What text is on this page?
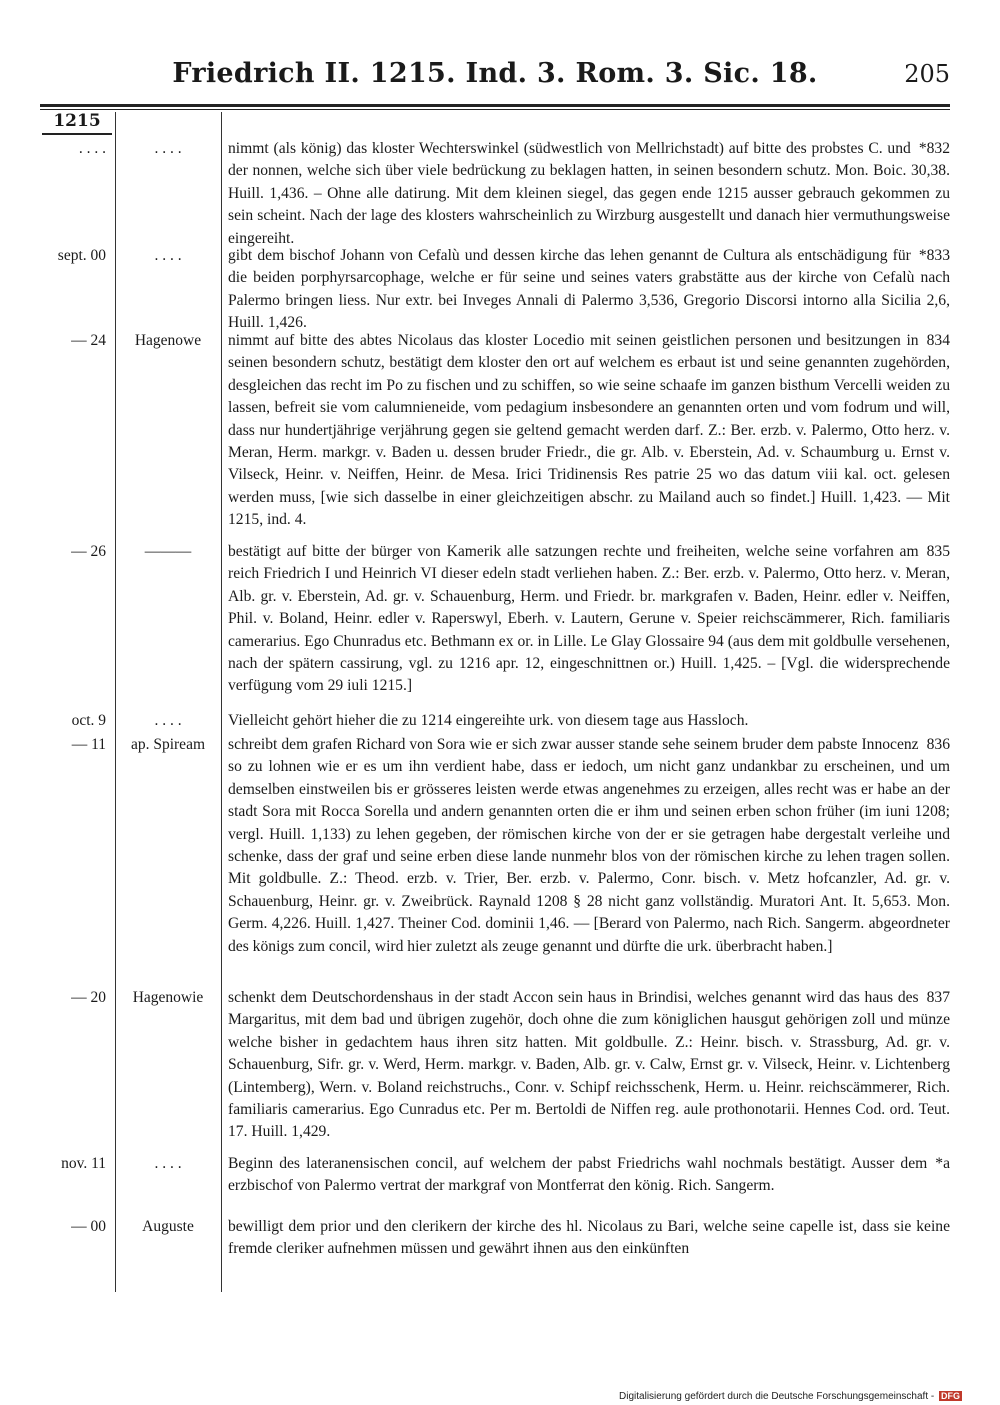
Friedrich II. 1215. Ind. 3. Rom. 3. Sic. 18.	205
1215
. . . .	. . . .	*832
nimmt (als könig) das kloster Wechterswinkel (südwestlich von Mellrichstadt) auf bitte des probstes C. und der nonnen, welche sich über viele bedrückung zu beklagen hatten, in seinen besondern schutz. Mon. Boic. 30,38. Huill. 1,436. – Ohne alle datirung. Mit dem kleinen siegel, das gegen ende 1215 ausser gebrauch gekommen zu sein scheint. Nach der lage des klosters wahrscheinlich zu Wirzburg ausgestellt und danach hier vermuthungsweise eingereiht.

sept. 00	. . . .	*833
gibt dem bischof Johann von Cefalù und dessen kirche das lehen genannt de Cultura als entschädigung für die beiden porphyrsarcophage, welche er für seine und seines vaters grabstätte aus der kirche von Cefalù nach Palermo bringen liess. Nur extr. bei Inveges Annali di Palermo 3,536, Gregorio Discorsi intorno alla Sicilia 2,6, Huill. 1,426.

— 24	Hagenowe	834
nimmt auf bitte des abtes Nicolaus das kloster Locedio mit seinen geistlichen personen und besitzungen in seinen besondern schutz, bestätigt dem kloster den ort auf welchem es erbaut ist und seine genannten zugehörden, desgleichen das recht im Po zu fischen und zu schiffen, so wie seine schaafe im ganzen bisthum Vercelli weiden zu lassen, befreit sie vom calumnieneide, vom pedagium insbesondere an genannten orten und vom fodrum und will, dass nur hundertjährige verjährung gegen sie geltend gemacht werden darf. Z.: Ber. erzb. v. Palermo, Otto herz. v. Meran, Herm. markgr. v. Baden u. dessen bruder Friedr., die gr. Alb. v. Eberstein, Ad. v. Schaumburg u. Ernst v. Vilseck, Heinr. v. Neiffen, Heinr. de Mesa. Irici Tridinensis Res patrie 25 wo das datum viii kal. oct. gelesen werden muss, [wie sich dasselbe in einer gleichzeitigen abschr. zu Mailand auch so findet.] Huill. 1,423. — Mit 1215, ind. 4.

— 26	———	835
bestätigt auf bitte der bürger von Kamerik alle satzungen rechte und freiheiten, welche seine vorfahren am reich Friedrich I und Heinrich VI dieser edeln stadt verliehen haben. Z.: Ber. erzb. v. Palermo, Otto herz. v. Meran, Alb. gr. v. Eberstein, Ad. gr. v. Schauenburg, Herm. und Friedr. br. markgrafen v. Baden, Heinr. edler v. Neiffen, Phil. v. Boland, Heinr. edler v. Raperswyl, Eberh. v. Lautern, Gerune v. Speier reichscämmerer, Rich. familiaris camerarius. Ego Chunradus etc. Bethmann ex or. in Lille. Le Glay Glossaire 94 (aus dem mit goldbulle versehenen, nach der spätern cassirung, vgl. zu 1216 apr. 12, eingeschnittnen or.) Huill. 1,425. – [Vgl. die widersprechende verfügung vom 29 iuli 1215.]

oct. 9	. . . .	Vielleicht gehört hieher die zu 1214 eingereihte urk. von diesem tage aus Hassloch.

— 11	ap. Spiream	836
schreibt dem grafen Richard von Sora wie er sich zwar ausser stande sehe seinem bruder dem pabste Innocenz so zu lohnen wie er es um ihn verdient habe, dass er iedoch, um nicht ganz undankbar zu erscheinen, und um demselben einstweilen bis er grösseres leisten werde etwas angenehmes zu erzeigen, alles recht was er habe an der stadt Sora mit Rocca Sorella und andern genannten orten die er ihm und seinen erben schon früher (im iuni 1208; vergl. Huill. 1,133) zu lehen gegeben, der römischen kirche von der er sie getragen habe dergestalt verleihe und schenke, dass der graf und seine erben diese lande nunmehr blos von der römischen kirche zu lehen tragen sollen. Mit goldbulle. Z.: Theod. erzb. v. Trier, Ber. erzb. v. Palermo, Conr. bisch. v. Metz hofcanzler, Ad. gr. v. Schauenburg, Heinr. gr. v. Zweibrück. Raynald 1208 § 28 nicht ganz vollständig. Muratori Ant. It. 5,653. Mon. Germ. 4,226. Huill. 1,427. Theiner Cod. dominii 1,46. — [Berard von Palermo, nach Rich. Sangerm. abgeordneter des königs zum concil, wird hier zuletzt als zeuge genannt und dürfte die urk. überbracht haben.]

— 20	Hagenowie	837
schenkt dem Deutschordenshaus in der stadt Accon sein haus in Brindisi, welches genannt wird das haus des Margaritus, mit dem bad und übrigen zugehör, doch ohne die zum königlichen hausgut gehörigen zoll und münze welche bisher in gedachtem haus ihren sitz hatten. Mit goldbulle. Z.: Heinr. bisch. v. Strassburg, Ad. gr. v. Schauenburg, Sifr. gr. v. Werd, Herm. markgr. v. Baden, Alb. gr. v. Calw, Ernst gr. v. Vilseck, Heinr. v. Lichtenberg (Lintemberg), Wern. v. Boland reichstruchs., Conr. v. Schipf reichsschenk, Herm. u. Heinr. reichscämmerer, Rich. familiaris camerarius. Ego Cunradus etc. Per m. Bertoldi de Niffen reg. aule prothonotarii. Hennes Cod. ord. Teut. 17. Huill. 1,429.

nov. 11	. . . .	*a
Beginn des lateranensischen concil, auf welchem der pabst Friedrichs wahl nochmals bestätigt. Ausser dem erzbischof von Palermo vertrat der markgraf von Montferrat den könig. Rich. Sangerm.

— 00	Auguste	bewilligt dem prior und den clerikern der kirche des hl. Nicolaus zu Bari, welche seine capelle ist, dass sie keine fremde cleriker aufnehmen müssen und gewährt ihnen aus den einkünften

Digitalisierung gefördert durch die Deutsche Forschungsgemeinschaft - DFG
